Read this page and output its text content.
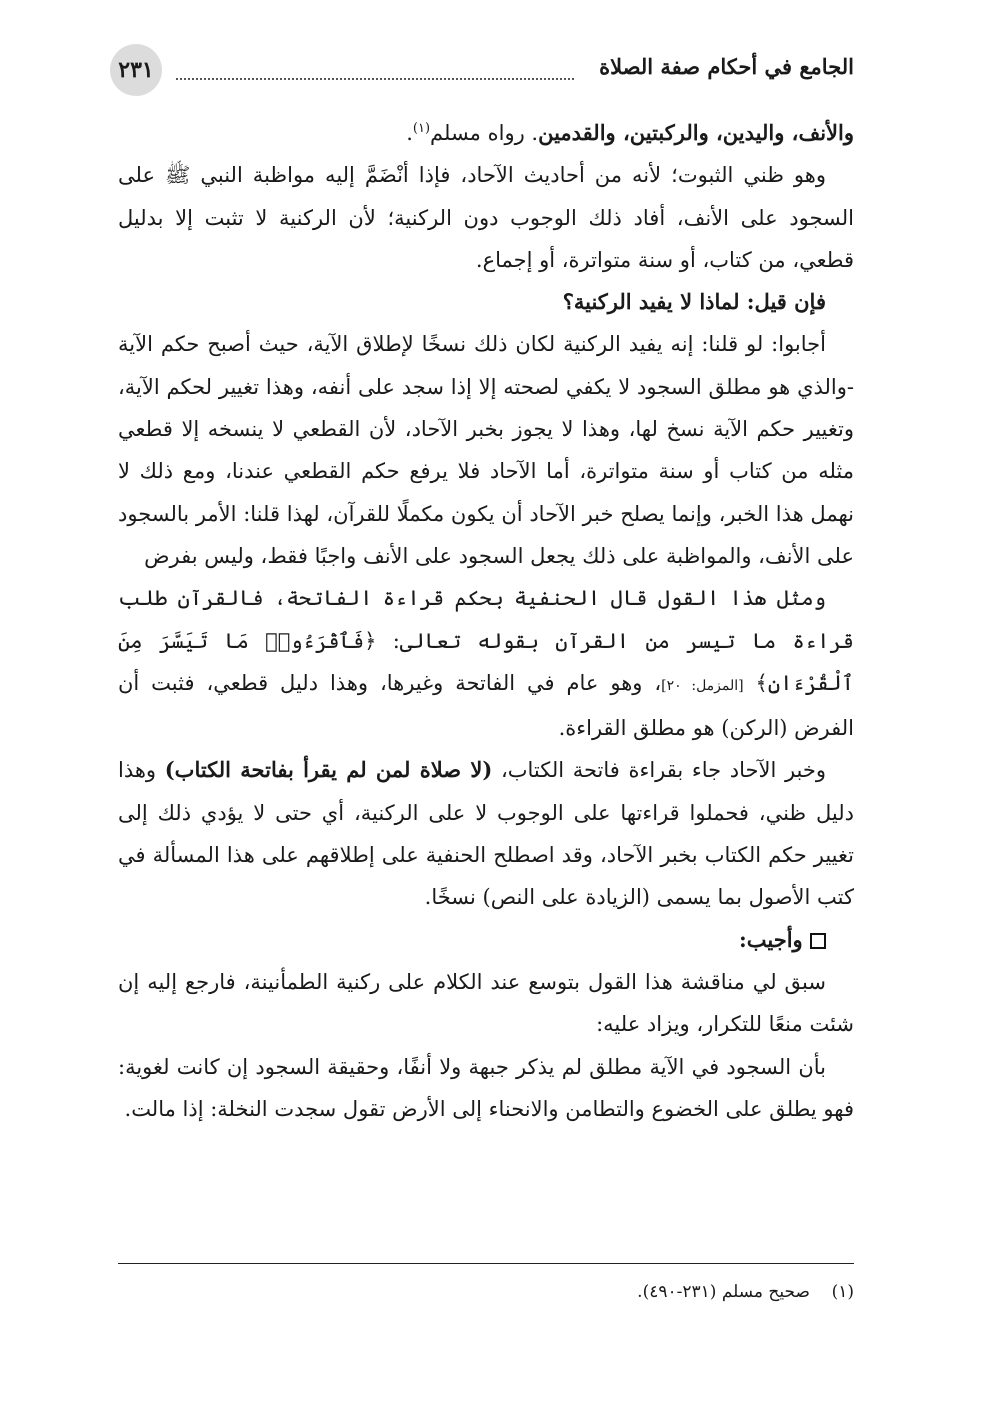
٢٣١	الجامع في أحكام صفة الصلاة

والأنف، واليدين، والركبتين، والقدمين. رواه مسلم$^{(١)}$.

وهو ظني الثبوت؛ لأنه من أحاديث الآحاد، فإذا أنْضَمَّ إليه مواظبة النبي ﷺ على السجود على الأنف، أفاد ذلك الوجوب دون الركنية؛ لأن الركنية لا تثبت إلا بدليل قطعي، من كتاب، أو سنة متواترة، أو إجماع.

فإن قيل: لماذا لا يفيد الركنية؟

أجابوا: لو قلنا: إنه يفيد الركنية لكان ذلك نسخًا لإطلاق الآية، حيث أصبح حكم الآية -والذي هو مطلق السجود لا يكفي لصحته إلا إذا سجد على أنفه، وهذا تغيير لحكم الآية، وتغيير حكم الآية نسخ لها، وهذا لا يجوز بخبر الآحاد، لأن القطعي لا ينسخه إلا قطعي مثله من كتاب أو سنة متواترة، أما الآحاد فلا يرفع حكم القطعي عندنا، ومع ذلك لا نهمل هذا الخبر، وإنما يصلح خبر الآحاد أن يكون مكملًا للقرآن، لهذا قلنا: الأمر بالسجود على الأنف، والمواظبة على ذلك يجعل السجود على الأنف واجبًا فقط، وليس بفرض

ومثل هذا القول قال الحنفية بحكم قراءة الفاتحة، فالقرآن طلب قراءة ما تيسر من القرآن بقوله تعالى: ﴿فَٱقْرَءُوا۟ مَا تَيَسَّرَ مِنَ ٱلْقُرْءَانِ﴾ [المزمل: ٢٠]، وهو عام في الفاتحة وغيرها، وهذا دليل قطعي، فثبت أن الفرض (الركن) هو مطلق القراءة.

وخبر الآحاد جاء بقراءة فاتحة الكتاب، (لا صلاة لمن لم يقرأ بفاتحة الكتاب) وهذا دليل ظني، فحملوا قراءتها على الوجوب لا على الركنية، أي حتى لا يؤدي ذلك إلى تغيير حكم الكتاب بخبر الآحاد، وقد اصطلح الحنفية على إطلاقهم على هذا المسألة في كتب الأصول بما يسمى (الزيادة على النص) نسخًا.

وأجيب:

سبق لي مناقشة هذا القول بتوسع عند الكلام على ركنية الطمأنينة، فارجع إليه إن شئت منعًا للتكرار، ويزاد عليه:

بأن السجود في الآية مطلق لم يذكر جبهة ولا أنفًا، وحقيقة السجود إن كانت لغوية: فهو يطلق على الخضوع والتطامن والانحناء إلى الأرض تقول سجدت النخلة: إذا مالت.

(١)    صحيح مسلم (٢٣١-٤٩٠).
